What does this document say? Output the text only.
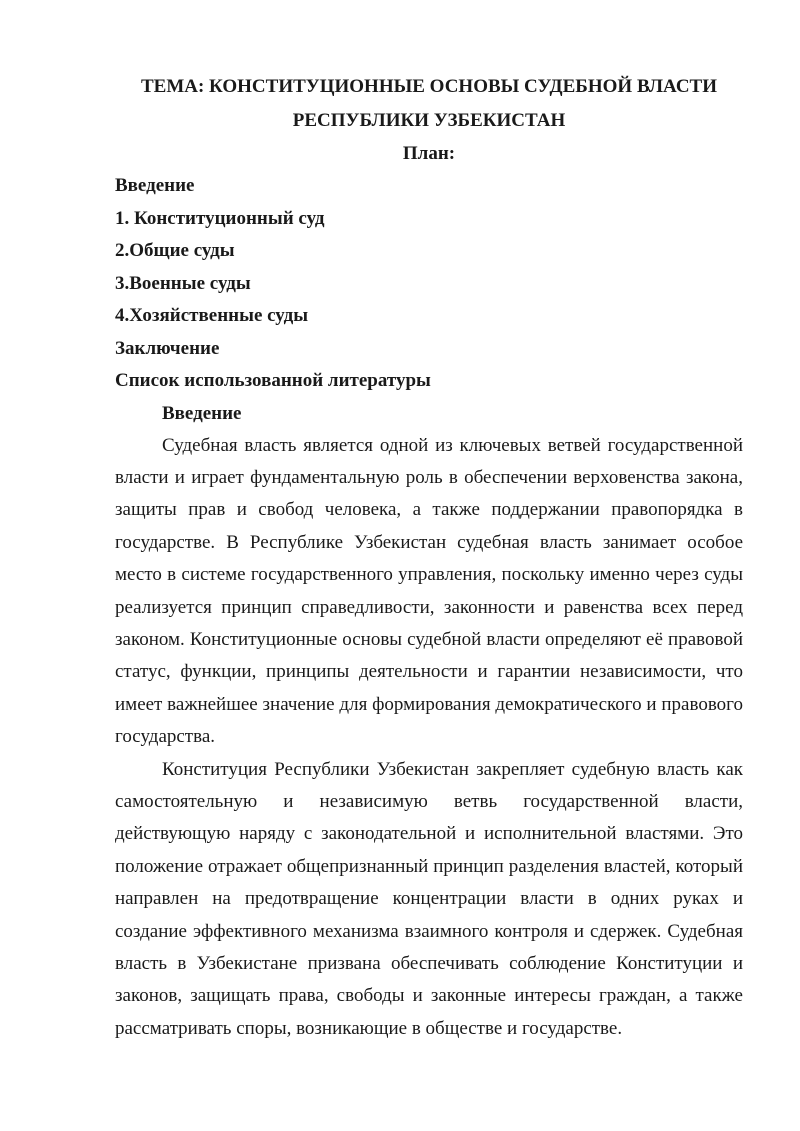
ТЕМА: КОНСТИТУЦИОННЫЕ ОСНОВЫ СУДЕБНОЙ ВЛАСТИ
РЕСПУБЛИКИ УЗБЕКИСТАН

План:

Введение
1. Конституционный суд
2.Общие суды
3.Военные суды
4.Хозяйственные суды
Заключение
Список использованной литературы
Введение

Судебная власть является одной из ключевых ветвей государственной власти и играет фундаментальную роль в обеспечении верховенства закона, защиты прав и свобод человека, а также поддержании правопорядка в государстве. В Республике Узбекистан судебная власть занимает особое место в системе государственного управления, поскольку именно через суды реализуется принцип справедливости, законности и равенства всех перед законом. Конституционные основы судебной власти определяют её правовой статус, функции, принципы деятельности и гарантии независимости, что имеет важнейшее значение для формирования демократического и правового государства.

Конституция Республики Узбекистан закрепляет судебную власть как самостоятельную и независимую ветвь государственной власти, действующую наряду с законодательной и исполнительной властями. Это положение отражает общепризнанный принцип разделения властей, который направлен на предотвращение концентрации власти в одних руках и создание эффективного механизма взаимного контроля и сдержек. Судебная власть в Узбекистане призвана обеспечивать соблюдение Конституции и законов, защищать права, свободы и законные интересы граждан, а также рассматривать споры, возникающие в обществе и государстве.
